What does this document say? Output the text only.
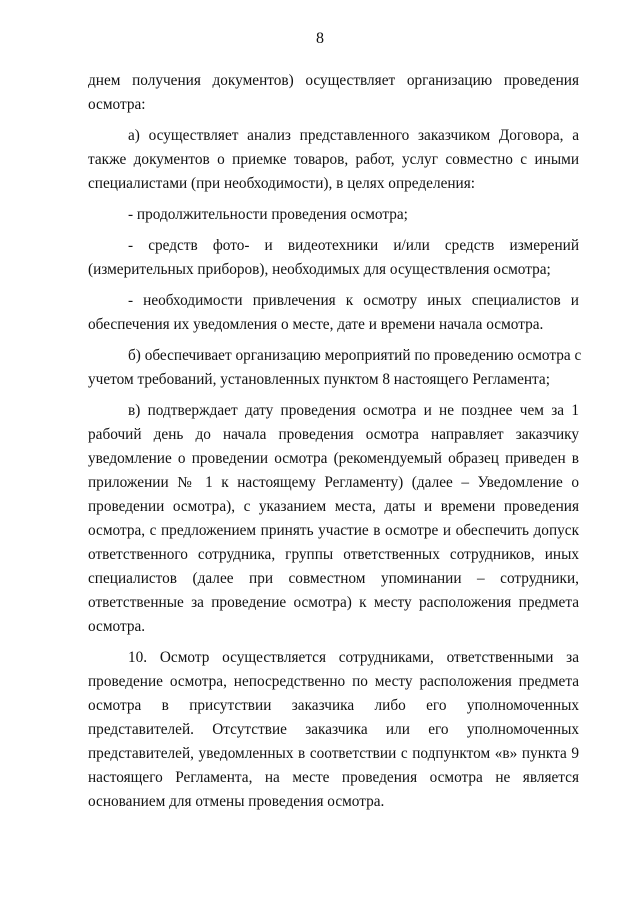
8
днем получения документов) осуществляет организацию проведения
осмотра:
а) осуществляет анализ представленного заказчиком Договора, а
также документов о приемке товаров, работ, услуг совместно с иными
специалистами (при необходимости), в целях определения:
- продолжительности проведения осмотра;
- средств фото- и видеотехники и/или средств измерений
(измерительных приборов), необходимых для осуществления осмотра;
- необходимости привлечения к осмотру иных специалистов и
обеспечения их уведомления о месте, дате и времени начала осмотра.
б) обеспечивает организацию мероприятий по проведению осмотра с
учетом требований, установленных пунктом 8 настоящего Регламента;
в) подтверждает дату проведения осмотра и не позднее чем за 1
рабочий день до начала проведения осмотра направляет заказчику
уведомление о проведении осмотра (рекомендуемый образец приведен в
приложении № 1 к настоящему Регламенту) (далее – Уведомление о
проведении осмотра), с указанием места, даты и времени проведения
осмотра, с предложением принять участие в осмотре и обеспечить допуск
ответственного сотрудника, группы ответственных сотрудников, иных
специалистов (далее при совместном упоминании – сотрудники,
ответственные за проведение осмотра) к месту расположения предмета
осмотра.
10. Осмотр осуществляется сотрудниками, ответственными за
проведение осмотра, непосредственно по месту расположения предмета
осмотра в присутствии заказчика либо его уполномоченных
представителей. Отсутствие заказчика или его уполномоченных
представителей, уведомленных в соответствии с подпунктом «в» пункта 9
настоящего Регламента, на месте проведения осмотра не является
основанием для отмены проведения осмотра.
